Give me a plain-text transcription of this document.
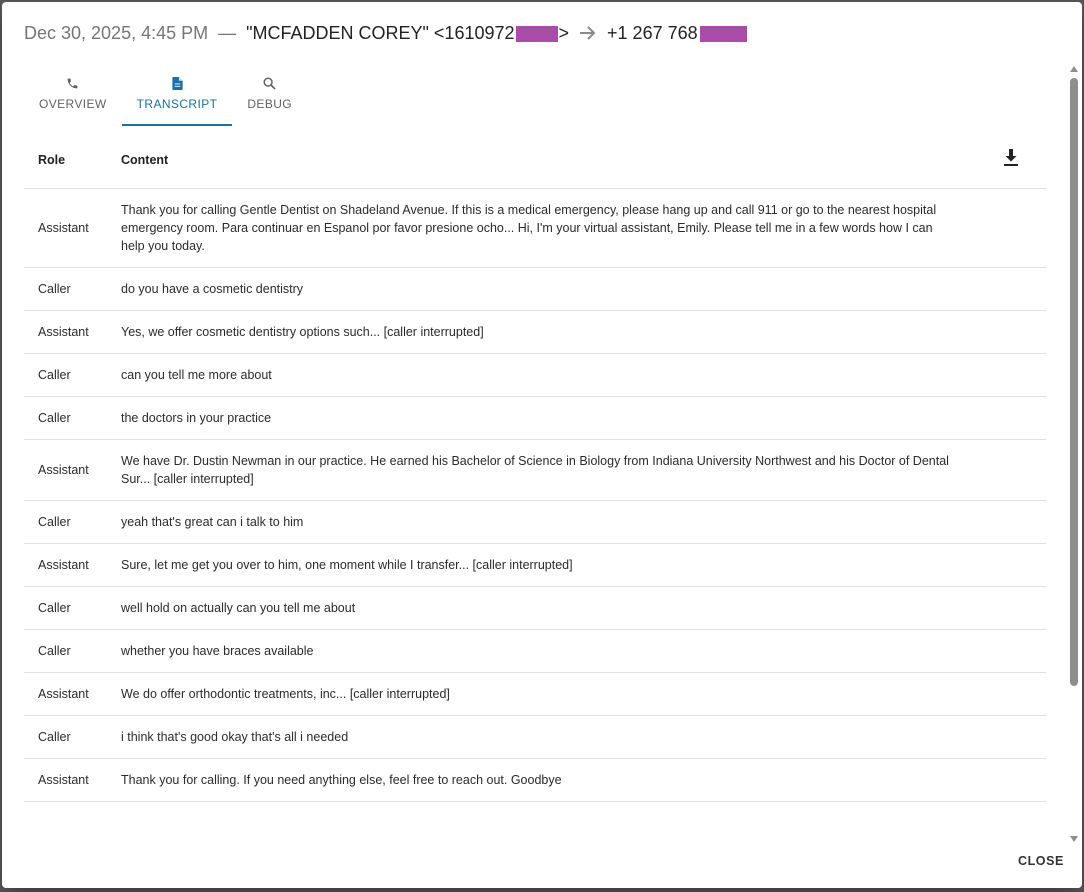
Dec 30, 2025, 4:45 PM — "MCFADDEN COREY" <1610972 > +1 267 768
OVERVIEW	TRANSCRIPT	DEBUG
Role	Content	

Assistant	Thank you for calling Gentle Dentist on Shadeland Avenue. If this is a medical emergency, please hang up and call 911 or go to the nearest hospital emergency room. Para continuar en Espanol por favor presione ocho... Hi, I'm your virtual assistant, Emily. Please tell me in a few words how I can help you today.	
Caller	do you have a cosmetic dentistry	
Assistant	Yes, we offer cosmetic dentistry options such... [caller interrupted]	
Caller	can you tell me more about	
Caller	the doctors in your practice	
Assistant	We have Dr. Dustin Newman in our practice. He earned his Bachelor of Science in Biology from Indiana University Northwest and his Doctor of Dental Sur... [caller interrupted]	
Caller	yeah that's great can i talk to him	
Assistant	Sure, let me get you over to him, one moment while I transfer... [caller interrupted]	
Caller	well hold on actually can you tell me about	
Caller	whether you have braces available	
Assistant	We do offer orthodontic treatments, inc... [caller interrupted]	
Caller	i think that's good okay that's all i needed	
Assistant	Thank you for calling. If you need anything else, feel free to reach out. Goodbye	
CLOSE
